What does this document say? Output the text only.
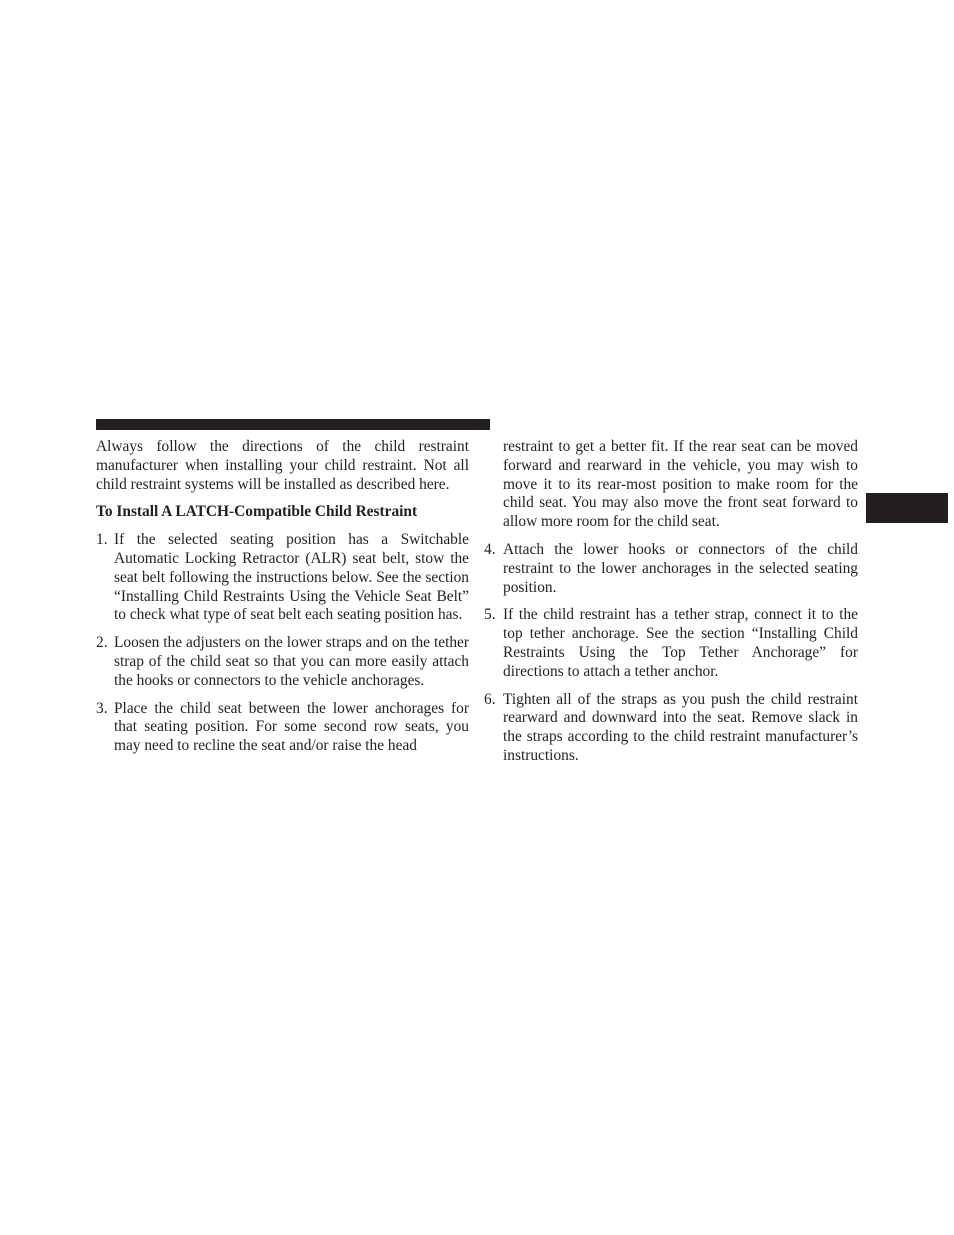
Always follow the directions of the child restraint manufacturer when installing your child restraint. Not all child restraint systems will be installed as described here.

To Install A LATCH-Compatible Child Restraint

1. If the selected seating position has a Switchable Automatic Locking Retractor (ALR) seat belt, stow the seat belt following the instructions below. See the section “Installing Child Restraints Using the Vehicle Seat Belt” to check what type of seat belt each seating position has.
2. Loosen the adjusters on the lower straps and on the tether strap of the child seat so that you can more easily attach the hooks or connectors to the vehicle anchorages.
3. Place the child seat between the lower anchorages for that seating position. For some second row seats, you may need to recline the seat and/or raise the head

restraint to get a better fit. If the rear seat can be moved forward and rearward in the vehicle, you may wish to move it to its rear-most position to make room for the child seat. You may also move the front seat forward to allow more room for the child seat.

4. Attach the lower hooks or connectors of the child restraint to the lower anchorages in the selected seating position.
5. If the child restraint has a tether strap, connect it to the top tether anchorage. See the section “Installing Child Restraints Using the Top Tether Anchorage” for directions to attach a tether anchor.
6. Tighten all of the straps as you push the child restraint rearward and downward into the seat. Remove slack in the straps according to the child restraint manufacturer’s instructions.
